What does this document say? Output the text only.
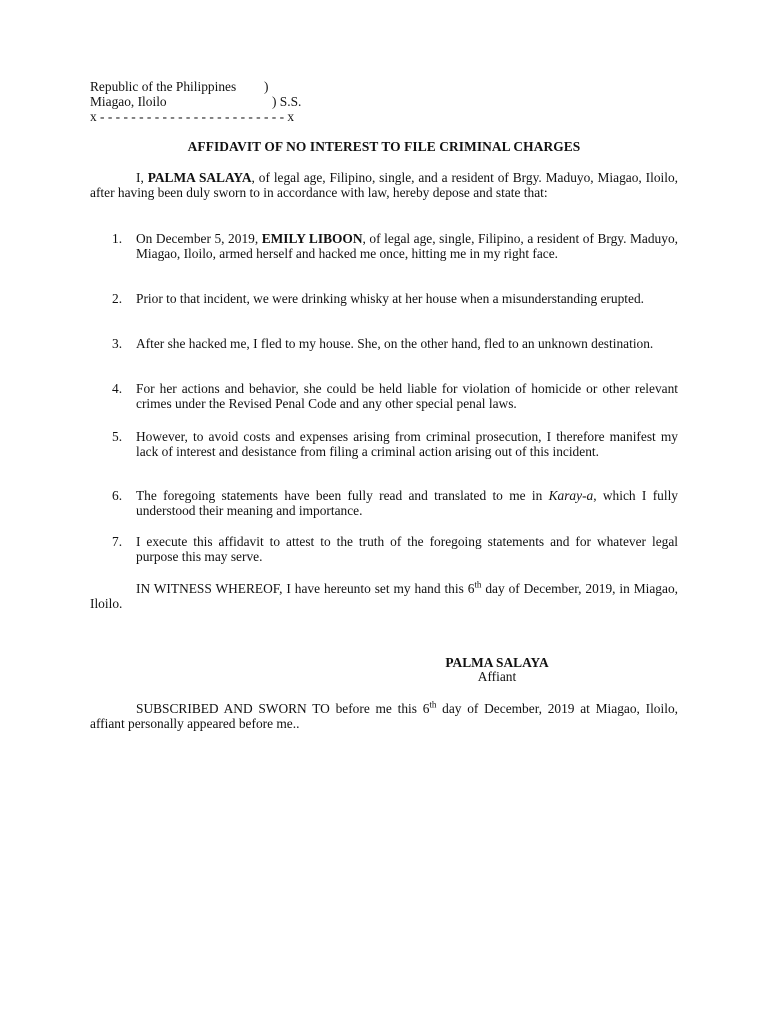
Republic of the Philippines )
Miagao, Iloilo	) S.S.
x - - - - - - - - - - - - - - - - - - - - - - - - x
AFFIDAVIT OF NO INTEREST TO FILE CRIMINAL CHARGES
I, PALMA SALAYA, of legal age, Filipino, single, and a resident of Brgy. Maduyo, Miagao, Iloilo, after having been duly sworn to in accordance with law, hereby depose and state that:
1. On December 5, 2019, EMILY LIBOON, of legal age, single, Filipino, a resident of Brgy. Maduyo, Miagao, Iloilo, armed herself and hacked me once, hitting me in my right face.
2. Prior to that incident, we were drinking whisky at her house when a misunderstanding erupted.
3. After she hacked me, I fled to my house. She, on the other hand, fled to an unknown destination.
4. For her actions and behavior, she could be held liable for violation of homicide or other relevant crimes under the Revised Penal Code and any other special penal laws.
5. However, to avoid costs and expenses arising from criminal prosecution, I therefore manifest my lack of interest and desistance from filing a criminal action arising out of this incident.
6. The foregoing statements have been fully read and translated to me in Karay-a, which I fully understood their meaning and importance.
7. I execute this affidavit to attest to the truth of the foregoing statements and for whatever legal purpose this may serve.
IN WITNESS WHEREOF, I have hereunto set my hand this 6th day of December, 2019, in Miagao, Iloilo.
PALMA SALAYA
Affiant
SUBSCRIBED AND SWORN TO before me this 6th day of December, 2019 at Miagao, Iloilo, affiant personally appeared before me..
